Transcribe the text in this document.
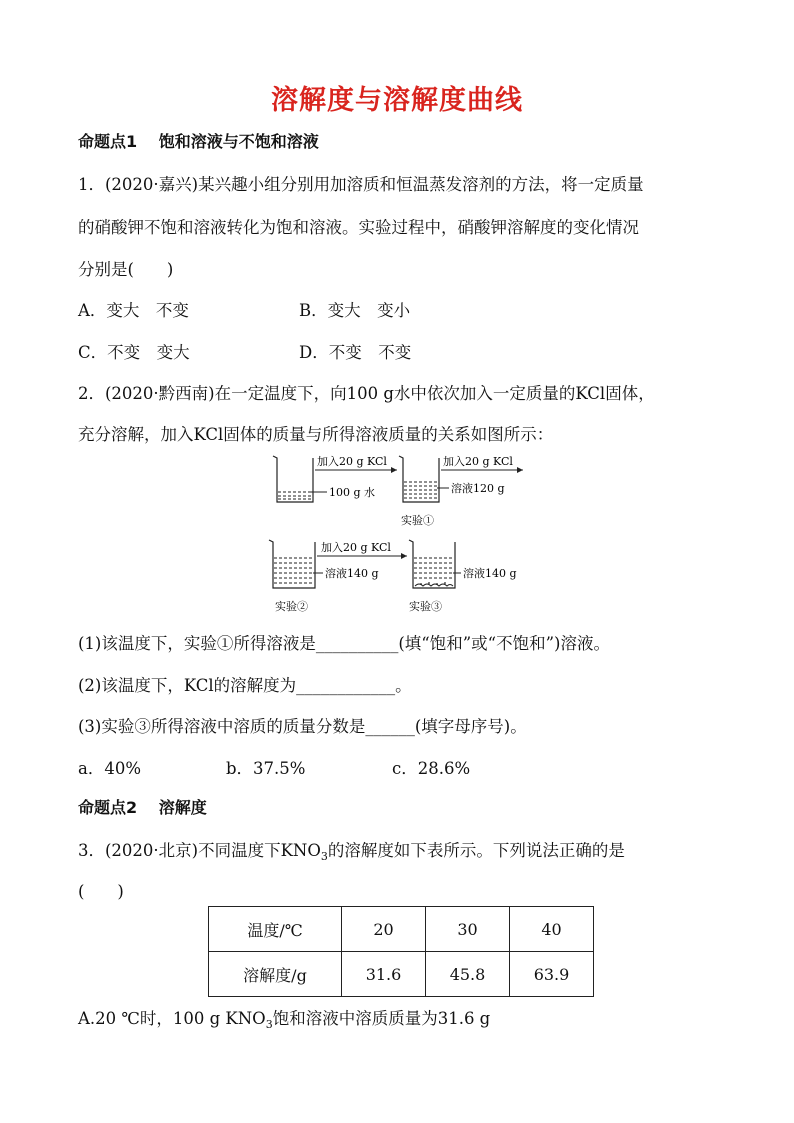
溶解度与溶解度曲线
命题点1　 饱和溶液与不饱和溶液
1．(2020·嘉兴)某兴趣小组分别用加溶质和恒温蒸发溶剂的方法，将一定质量
的硝酸钾不饱和溶液转化为饱和溶液。实验过程中，硝酸钾溶解度的变化情况
分别是(　　)
A．变大　不变	B．变大　变小
C．不变　变大	D．不变　不变
2．(2020·黔西南)在一定温度下，向100 g水中依次加入一定质量的KCl固体，
充分溶解，加入KCl固体的质量与所得溶液质量的关系如图所示：
加入20 g KCl
100 g 水
加入20 g KCl
溶液120 g
实验①
加入20 g KCl
溶液140 g	溶液140 g
实验②	实验③
(1)该温度下，实验①所得溶液是__________(填“饱和”或“不饱和”)溶液。
(2)该温度下，KCl的溶解度为____________。
(3)实验③所得溶液中溶质的质量分数是______(填字母序号)。
a．40%	b．37.5%	c．28.6%
命题点2　 溶解度
3．(2020·北京)不同温度下$KNO_3$的溶解度如下表所示。下列说法正确的是
(　　)
温度/℃	20	30	40
溶解度/g	31.6	45.8	63.9
A.20 ℃时，100 g $KNO_3$饱和溶液中溶质质量为31.6 g
